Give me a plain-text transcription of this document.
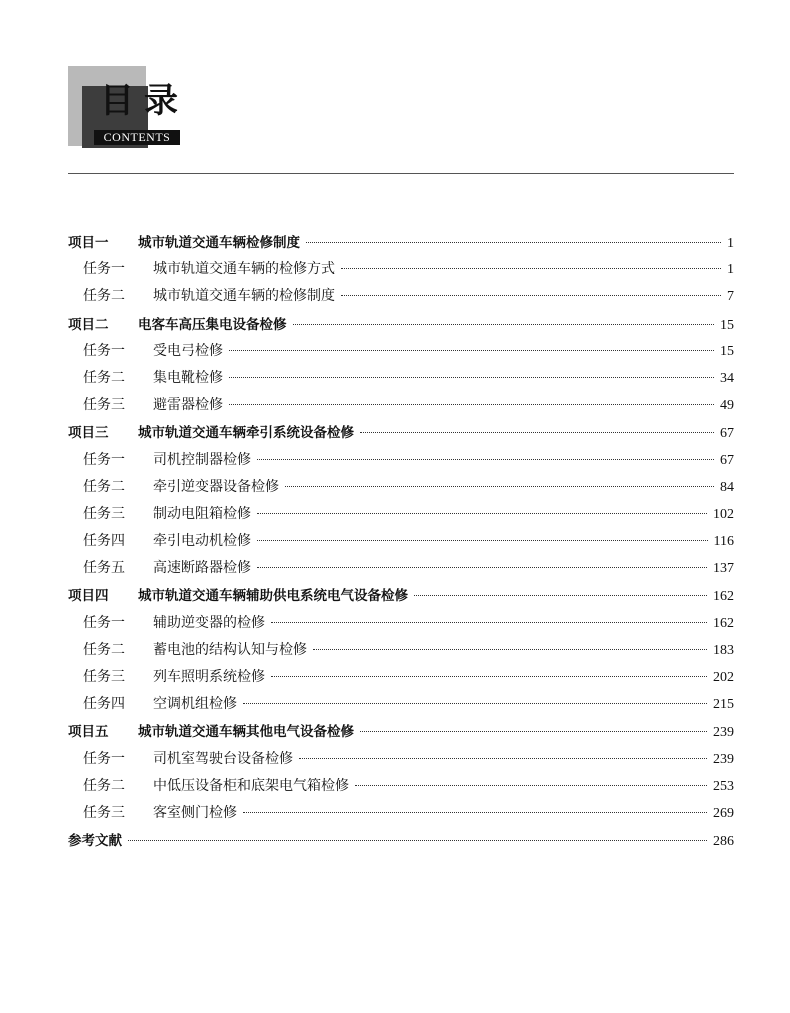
目录
CONTENTS
项目一 城市轨道交通车辆检修制度	1
任务一 城市轨道交通车辆的检修方式	1
任务二 城市轨道交通车辆的检修制度	7
项目二 电客车高压集电设备检修	15
任务一 受电弓检修	15
任务二 集电靴检修	34
任务三 避雷器检修	49
项目三 城市轨道交通车辆牵引系统设备检修	67
任务一 司机控制器检修	67
任务二 牵引逆变器设备检修	84
任务三 制动电阻箱检修	102
任务四 牵引电动机检修	116
任务五 高速断路器检修	137
项目四 城市轨道交通车辆辅助供电系统电气设备检修	162
任务一 辅助逆变器的检修	162
任务二 蓄电池的结构认知与检修	183
任务三 列车照明系统检修	202
任务四 空调机组检修	215
项目五 城市轨道交通车辆其他电气设备检修	239
任务一 司机室驾驶台设备检修	239
任务二 中低压设备柜和底架电气箱检修	253
任务三 客室侧门检修	269
参考文献	286
